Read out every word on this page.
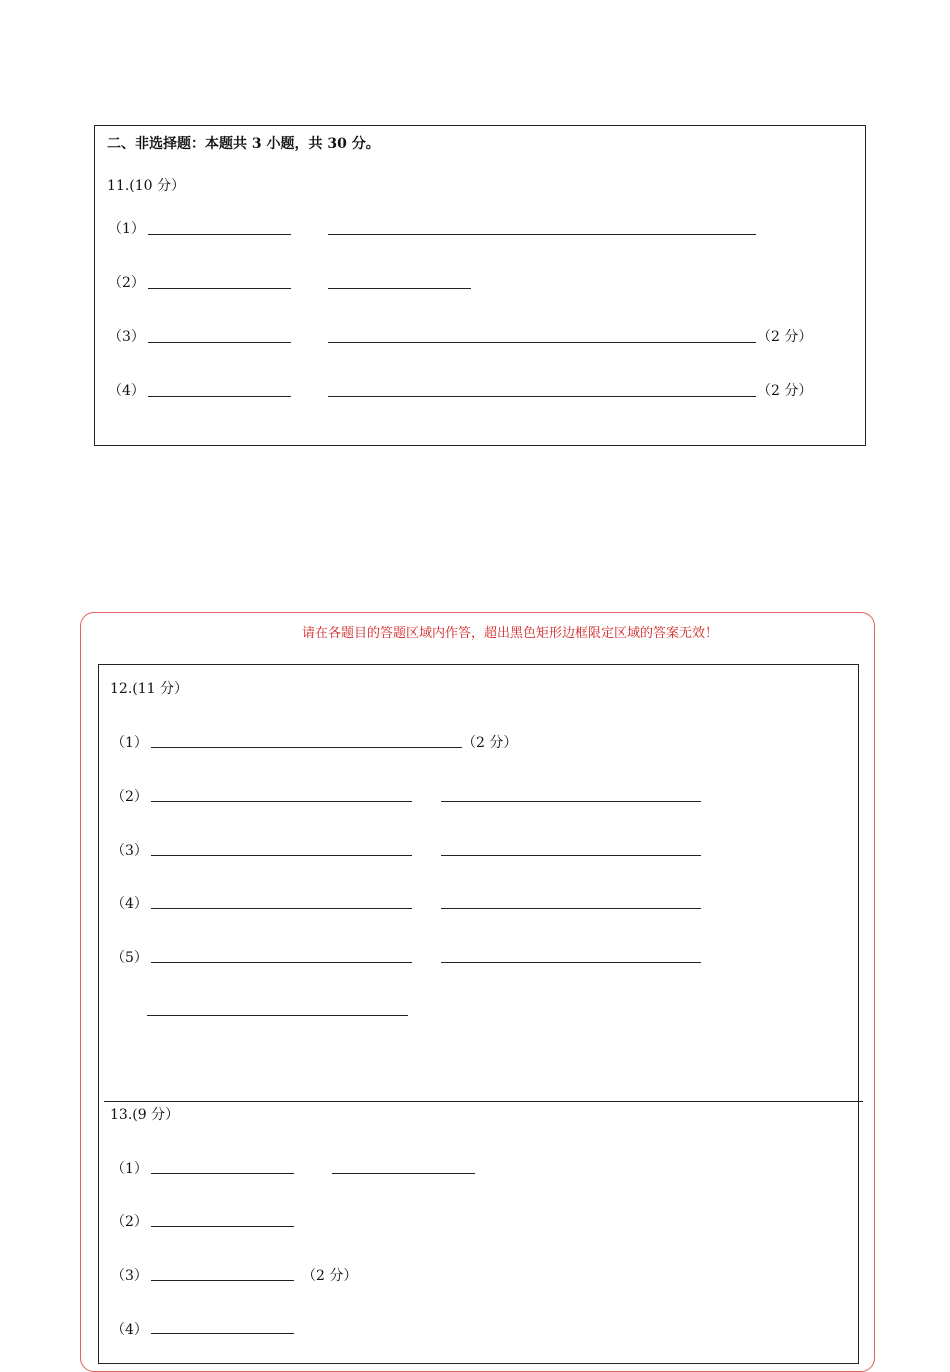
二、非选择题：本题共 3 小题，共 30 分。
11.(10 分）
（1）
（2）
（3）	（2 分）
（4）	（2 分）
请在各题目的答题区域内作答，超出黑色矩形边框限定区域的答案无效！
12.(11 分）
（1）	（2 分）
（2）
（3）
（4）
（5）
13.(9 分）
（1）
（2）
（3）	（2 分）
（4）
